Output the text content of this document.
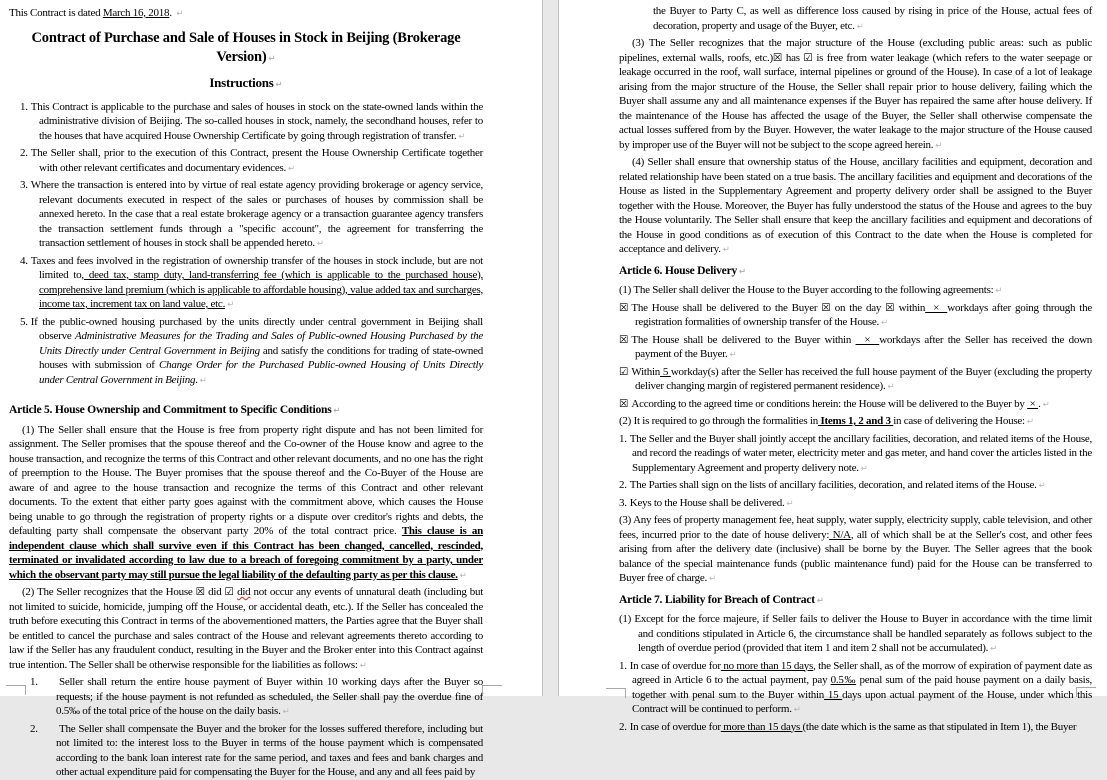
This Contract is dated March 16, 2018. ↵
Contract of Purchase and Sale of Houses in Stock in Beijing (Brokerage Version) ↵
Instructions ↵
1. This Contract is applicable to the purchase and sales of houses in stock on the state-owned lands within the administrative division of Beijing. The so-called houses in stock, namely, the secondhand houses, refer to the houses that have acquired House Ownership Certificate by going through registration of transfer. ↵
2. The Seller shall, prior to the execution of this Contract, present the House Ownership Certificate together with other relevant certificates and documentary evidences. ↵
3. Where the transaction is entered into by virtue of real estate agency providing brokerage or agency service, relevant documents executed in respect of the sales or purchases of houses by commission shall be annexed hereto. In the case that a real estate brokerage agency or a transaction guarantee agency transfers the transaction settlement funds through a "specific account", the agreement for transferring the transaction settlement of houses in stock shall be appended hereto. ↵
4. Taxes and fees involved in the registration of ownership transfer of the houses in stock include, but are not limited to, deed tax, stamp duty, land-transferring fee (which is applicable to the purchased house), comprehensive land premium (which is applicable to affordable housing), value added tax and surcharges, income tax, increment tax on land value, etc. ↵
5. If the public-owned housing purchased by the units directly under central government in Beijing shall observe Administrative Measures for the Trading and Sales of Public-owned Housing Purchased by the Units Directly under Central Government in Beijing and satisfy the conditions for trading of state-owned houses with submission of Change Order for the Purchased Public-owned Housing of Units Directly under Central Government in Beijing. ↵
Article 5. House Ownership and Commitment to Specific Conditions ↵
(1) The Seller shall ensure that the House is free from property right dispute and has not been limited for assignment. The Seller promises that the spouse thereof and the Co-owner of the House know and agree to the house transaction, and recognize the terms of this Contract and other relevant documents, and no one has the right of preemption to the House. The Buyer promises that the spouse thereof and the Co-Buyer of the House are aware of and agree to the house transaction and recognize the terms of this Contract and other relevant documents. To the extent that either party goes against with the commitment above, which causes the House being unable to go through the registration of property rights or a dispute over creditor's rights and debts, the defaulting party shall compensate the observant party 20% of the total contract price. This clause is an independent clause which shall survive even if this Contract has been changed, cancelled, rescinded, terminated or invalidated according to law due to a breach of foregoing commitment by a party, under which the observant party may still pursue the legal liability of the defaulting party as per this clause. ↵
(2) The Seller recognizes that the House ☒ did ☑ did not occur any events of unnatural death (including but not limited to suicide, homicide, jumping off the House, or accidental death, etc.). If the Seller has concealed the truth before executing this Contract in terms of the abovementioned matters, the Parties agree that the Buyer shall be entitled to cancel the purchase and sales contract of the House and relevant agreements thereto according to law if the Seller has any fraudulent conduct, resulting in the Buyer and the Broker enter into this Contract against true intention. The Seller shall be otherwise responsible for the liabilities as follows: ↵
1. Seller shall return the entire house payment of Buyer within 10 working days after the Buyer so requests; if the house payment is not refunded as scheduled, the Seller shall pay the overdue fine of 0.5‰ of the total price of the house on the daily basis. ↵
2. The Seller shall compensate the Buyer and the broker for the losses suffered therefore, including but not limited to: the interest loss to the Buyer in terms of the house payment which is compensated according to the bank loan interest rate for the same period, and taxes and fees and bank charges and other actual expenditure paid for compensating the Buyer for the House, and any and all fees paid by
the Buyer to Party C, as well as difference loss caused by rising in price of the House, actual fees of decoration, property and usage of the Buyer, etc. ↵
(3) The Seller recognizes that the major structure of the House (excluding public areas: such as public pipelines, external walls, roofs, etc.)☒ has ☑ is free from water leakage (which refers to the water seepage or leakage occurred in the roof, wall surface, internal pipelines or ground of the House). In case of a lot of leakage arising from the major structure of the House, the Seller shall repair prior to house delivery, failing which the Buyer shall assume any and all maintenance expenses if the Buyer has repaired the same after house delivery. If the maintenance of the House has affected the usage of the Buyer, the Seller shall otherwise compensate the actual losses suffered from by the Buyer. However, the water leakage to the major structure of the House caused by improper use of the Buyer will not be subject to the scope agreed herein. ↵
(4) Seller shall ensure that ownership status of the House, ancillary facilities and equipment, decoration and related relationship have been stated on a true basis. The ancillary facilities and equipment and decorations of the House as listed in the Supplementary Agreement and property delivery order shall be assigned to the Buyer together with the House. Moreover, the Buyer has fully understood the status of the House and agrees to the buy the House voluntarily. The Seller shall ensure that keep the ancillary facilities and equipment and decorations of the House in good conditions as of execution of this Contract to the date when the House is completed for acceptance and delivery. ↵
Article 6. House Delivery ↵
(1) The Seller shall deliver the House to the Buyer according to the following agreements: ↵
☒ The House shall be delivered to the Buyer ☒ on the day ☒ within  ×  workdays after going through the registration formalities of ownership transfer of the House. ↵
☒ The House shall be delivered to the Buyer within   ×  workdays after the Seller has received the down payment of the Buyer. ↵
☑ Within 5 workday(s) after the Seller has received the full house payment of the Buyer (excluding the property deliver changing margin of registered permanent residence). ↵
☒ According to the agreed time or conditions herein: the House will be delivered to the Buyer by  × . ↵
(2) It is required to go through the formalities in Items 1, 2 and 3 in case of delivering the House: ↵
1. The Seller and the Buyer shall jointly accept the ancillary facilities, decoration, and related items of the House, and record the readings of water meter, electricity meter and gas meter, and hand cover the articles listed in the Supplementary Agreement and property delivery note. ↵
2. The Parties shall sign on the lists of ancillary facilities, decoration, and related items of the House. ↵
3. Keys to the House shall be delivered. ↵
(3) Any fees of property management fee, heat supply, water supply, electricity supply, cable television, and other fees, incurred prior to the date of house delivery: N/A, all of which shall be at the Seller's cost, and other fees arising from after the delivery date (inclusive) shall be borne by the Buyer. The Seller agrees that the book balance of the special maintenance funds (public maintenance fund) paid for the House can be transferred to Buyer free of charge. ↵
Article 7. Liability for Breach of Contract ↵
(1) Except for the force majeure, if Seller fails to deliver the House to Buyer in accordance with the time limit and conditions stipulated in Article 6, the circumstance shall be handled separately as follows subject to the length of overdue period (provided that item 1 and item 2 shall not be accumulated). ↵
1. In case of overdue for no more than 15 days, the Seller shall, as of the morrow of expiration of payment date as agreed in Article 6 to the actual payment, pay 0.5‰ penal sum of the paid house payment on a daily basis, together with penal sum to the Buyer within 15 days upon actual payment of the House, under which this Contract will be continued to perform. ↵
2. In case of overdue for more than 15 days (the date which is the same as that stipulated in Item 1), the Buyer
